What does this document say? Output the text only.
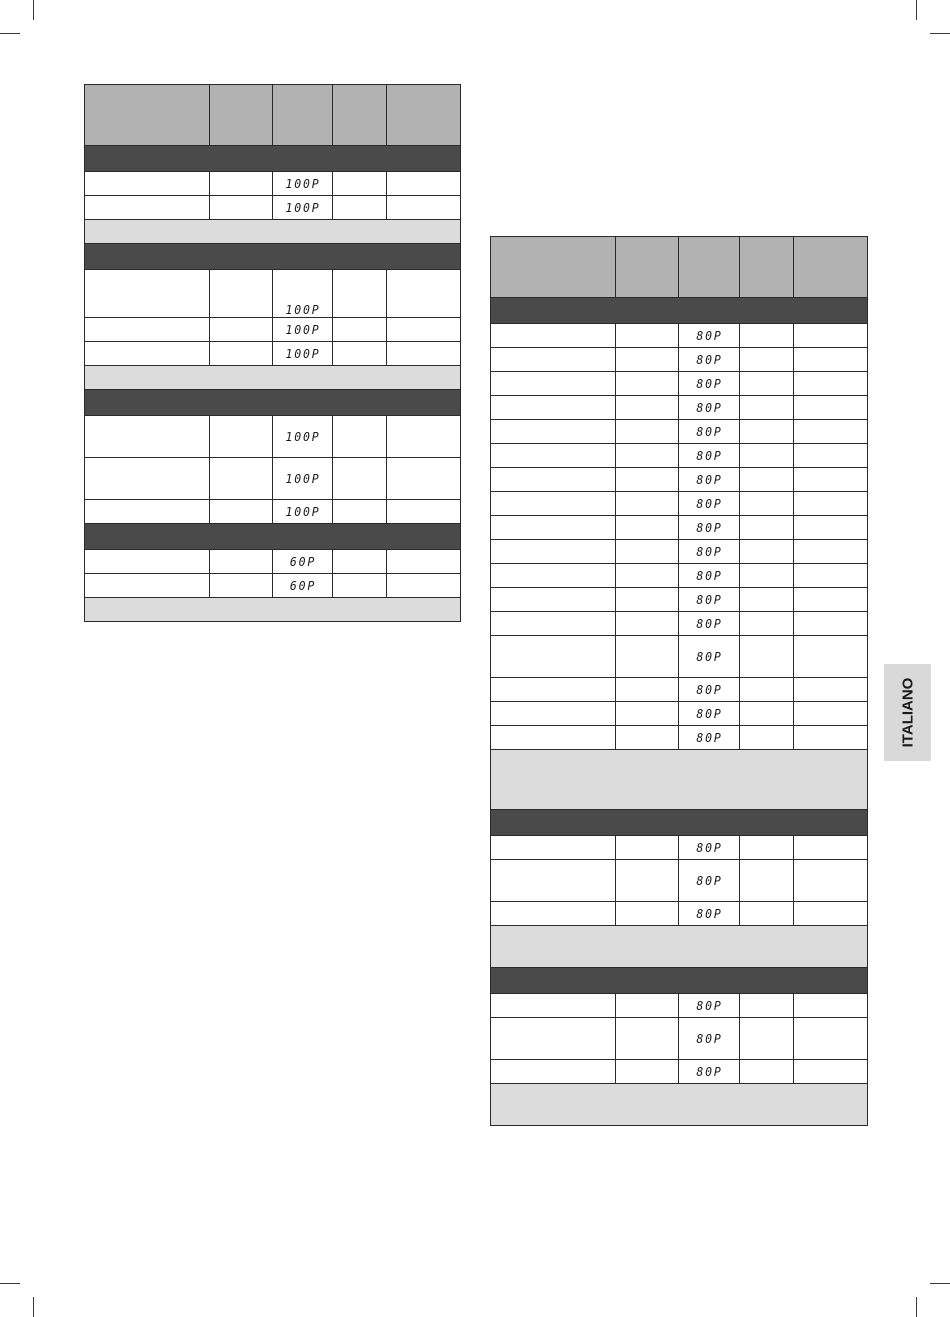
		100P		
		100P		

		100P		
		100P		
		100P		

		100P		
		100P		
		100P		

		60P		
		60P		

		80P		
		80P		
		80P		
		80P		
		80P		
		80P		
		80P		
		80P		
		80P		
		80P		
		80P		
		80P		
		80P		
		80P		
		80P		
		80P		
		80P		

		80P		
		80P		
		80P		

		80P		
		80P		
		80P		

ITALIANO
